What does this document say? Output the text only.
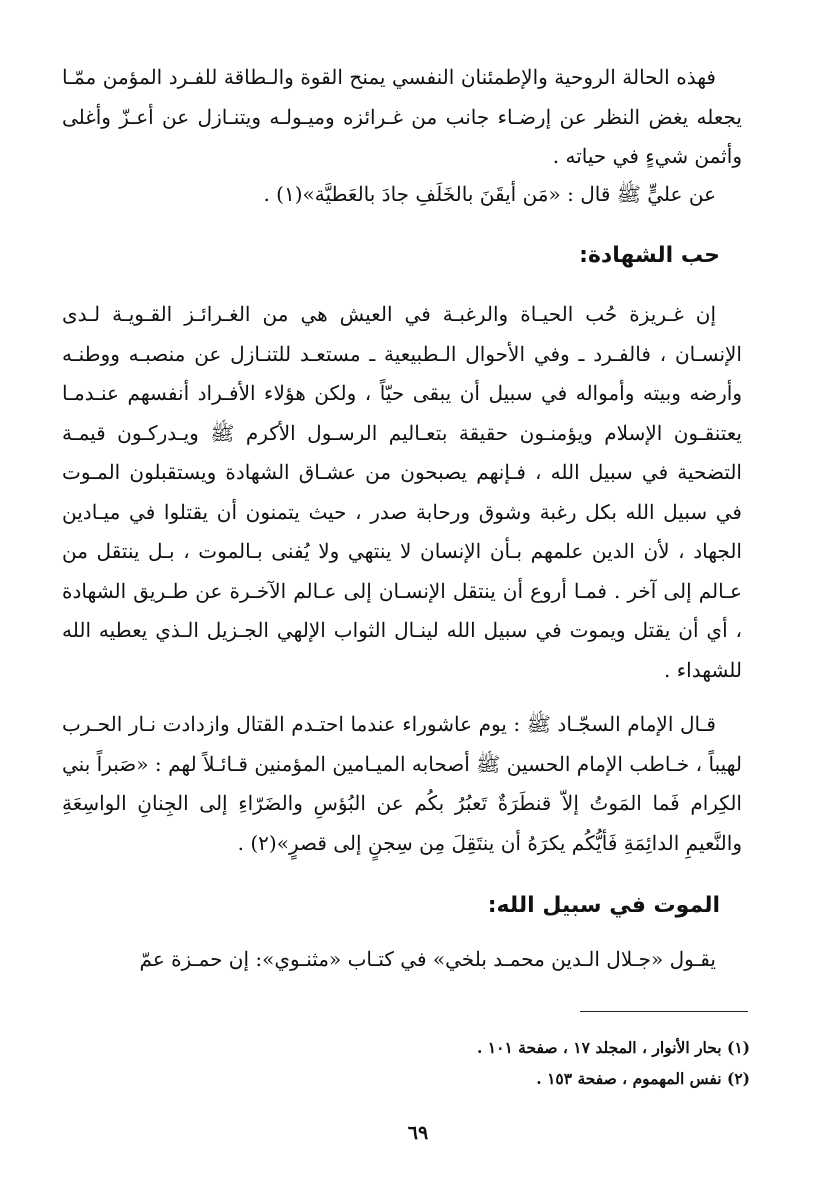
فهذه الحالة الروحية والإطمئنان النفسي يمنح القوة والـطاقة للفـرد المؤمن ممّـا يجعله يغض النظر عن إرضـاء جانب من غـرائزه وميـولـه ويتنـازل عن أعـزّ وأغلى وأثمن شيءٍ في حياته .

عن عليٍّ ﷺ قال : «مَن أيقَنَ بالخَلَفِ جادَ بالعَطيَّة»(١) .

حب الشهادة:

إن غـريزة حُب الحيـاة والرغبـة في العيش هي من الغـرائـز القـويـة لـدى الإنسـان ، فالفـرد ـ وفي الأحوال الـطبيعية ـ مستعـد للتنـازل عن منصبـه ووطنـه وأرضه وبيته وأمواله في سبيل أن يبقى حيّاً ، ولكن هؤلاء الأفـراد أنفسهم عنـدمـا يعتنقـون الإسلام ويؤمنـون حقيقة بتعـاليم الرسـول الأكرم ﷺ ويـدركـون قيمـة التضحية في سبيل الله ، فـإنهم يصبحون من عشـاق الشهادة ويستقبلون المـوت في سبيل الله بكل رغبة وشوق ورحابة صدر ، حيث يتمنون أن يقتلوا في ميـادين الجهاد ، لأن الدين علمهم بـأن الإنسان لا ينتهي ولا يُفنى بـالموت ، بـل ينتقل من عـالم إلى آخر . فمـا أروع أن ينتقل الإنسـان إلى عـالم الآخـرة عن طـريق الشهادة ، أي أن يقتل ويموت في سبيل الله لينـال الثواب الإلهي الجـزيل الـذي يعطيه الله للشهداء .

قـال الإمام السجّـاد ﷺ : يوم عاشوراء عندما احتـدم القتال وازدادت نـار الحـرب لهيباً ، خـاطب الإمام الحسين ﷺ أصحابه الميـامين المؤمنين قـائـلاً لهم : «صَبراً بني الكِرام فَما المَوتُ إلاّ قنطَرَةٌ تَعبُرُ بكُم عن البُؤسِ والضَرّاءِ إلى الجِنانِ الواسِعَةِ والنَّعيمِ الدائِمَةِ فَأيُّكُم يكرَهُ أن ينتَقِلَ مِن سِجنٍ إلى قصرٍ»(٢) .

الموت في سبيل الله:

يقـول «جـلال الـدين محمـد بلخي» في كتـاب «مثنـوي»: إن حمـزة عمّ

(١) بحار الأنوار ، المجلد ١٧ ، صفحة ١٠١ .

(٢) نفس المهموم ، صفحة ١٥٣ .

٦٩
